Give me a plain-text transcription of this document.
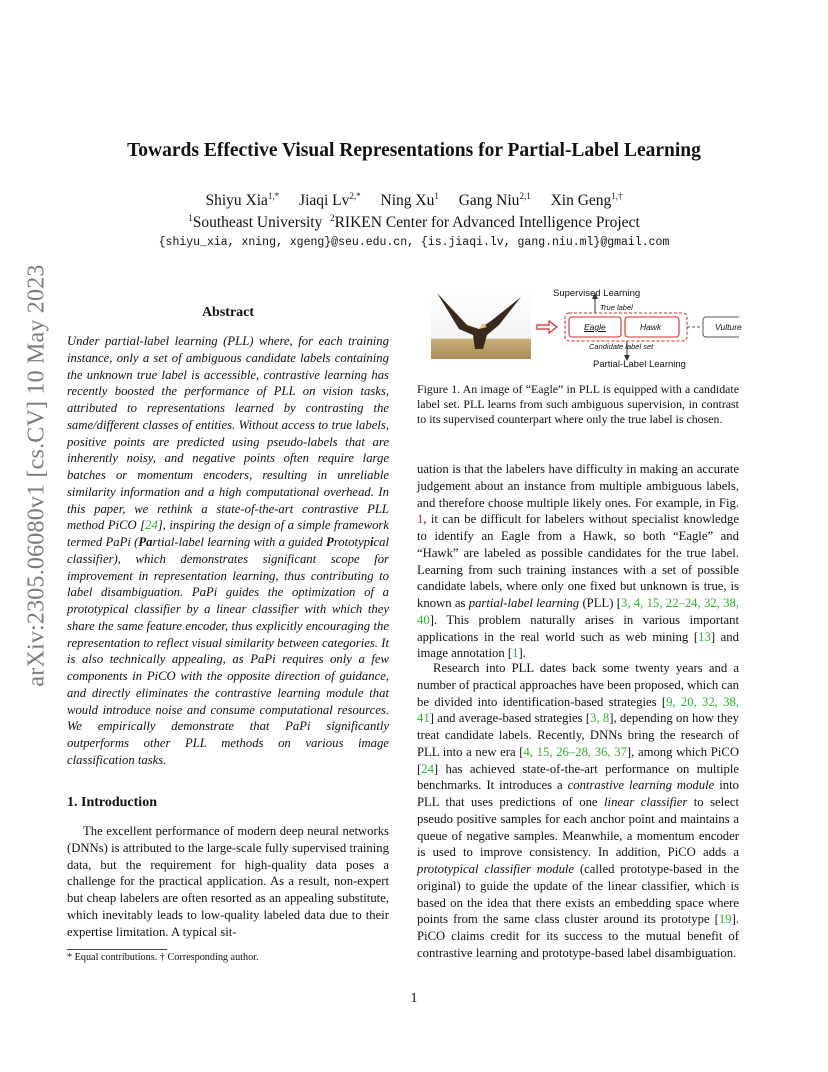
arXiv:2305.06080v1 [cs.CV] 10 May 2023
Towards Effective Visual Representations for Partial-Label Learning
Shiyu Xia$^{1,*}$ Jiaqi $Lv^{2,*}$ Ning Xu$^1$ Gang Niu$^{2,1}$ Xin Geng$^{1,\dagger}$
$^1$Southeast University $^2$RIKEN Center for Advanced Intelligence Project
{shiyu_xia, xning, xgeng}@seu.edu.cn, {is.jiaqi.lv, gang.niu.ml}@gmail.com
Abstract
Under partial-label learning (PLL) where, for each training instance, only a set of ambiguous candidate labels containing the unknown true label is accessible, contrastive learning has recently boosted the performance of PLL on vision tasks, attributed to representations learned by contrasting the same/different classes of entities. Without access to true labels, positive points are predicted using pseudo-labels that are inherently noisy, and negative points often require large batches or momentum encoders, resulting in unreliable similarity information and a high computational overhead. In this paper, we rethink a state-of-the-art contrastive PLL method PiCO [24], inspiring the design of a simple framework termed PaPi (Partial-label learning with a guided Prototypical classifier), which demonstrates significant scope for improvement in representation learning, thus contributing to label disambiguation. PaPi guides the optimization of a prototypical classifier by a linear classifier with which they share the same feature encoder, thus explicitly encouraging the representation to reflect visual similarity between categories. It is also technically appealing, as PaPi requires only a few components in PiCO with the opposite direction of guidance, and directly eliminates the contrastive learning module that would introduce noise and consume computational resources. We empirically demonstrate that PaPi significantly outperforms other PLL methods on various image classification tasks.
1. Introduction
The excellent performance of modern deep neural networks (DNNs) is attributed to the large-scale fully supervised training data, but the requirement for high-quality data poses a challenge for the practical application. As a result, non-expert but cheap labelers are often resorted as an appealing substitute, which inevitably leads to low-quality labeled data due to their expertise limitation. A typical sit-
* Equal contributions. † Corresponding author.
Supervised Learning
True label
Eagle	Hawk	Vulture
Candidate label set
Partial-Label Learning
Figure 1. An image of “Eagle” in PLL is equipped with a candidate label set. PLL learns from such ambiguous supervision, in contrast to its supervised counterpart where only the true label is chosen.
uation is that the labelers have difficulty in making an accurate judgement about an instance from multiple ambiguous labels, and therefore choose multiple likely ones. For example, in Fig. 1, it can be difficult for labelers without specialist knowledge to identify an Eagle from a Hawk, so both “Eagle” and “Hawk” are labeled as possible candidates for the true label. Learning from such training instances with a set of possible candidate labels, where only one fixed but unknown is true, is known as partial-label learning (PLL) [3, 4, 15, 22–24, 32, 38, 40]. This problem naturally arises in various important applications in the real world such as web mining [13] and image annotation [1].
Research into PLL dates back some twenty years and a number of practical approaches have been proposed, which can be divided into identification-based strategies [9, 20, 32, 38, 41] and average-based strategies [3, 8], depending on how they treat candidate labels. Recently, DNNs bring the research of PLL into a new era [4, 15, 26–28, 36, 37], among which PiCO [24] has achieved state-of-the-art performance on multiple benchmarks. It introduces a contrastive learning module into PLL that uses predictions of one linear classifier to select pseudo positive samples for each anchor point and maintains a queue of negative samples. Meanwhile, a momentum encoder is used to improve consistency. In addition, PiCO adds a prototypical classifier module (called prototype-based in the original) to guide the update of the linear classifier, which is based on the idea that there exists an embedding space where points from the same class cluster around its prototype [19]. PiCO claims credit for its success to the mutual benefit of contrastive learning and prototype-based label disambiguation.
1
